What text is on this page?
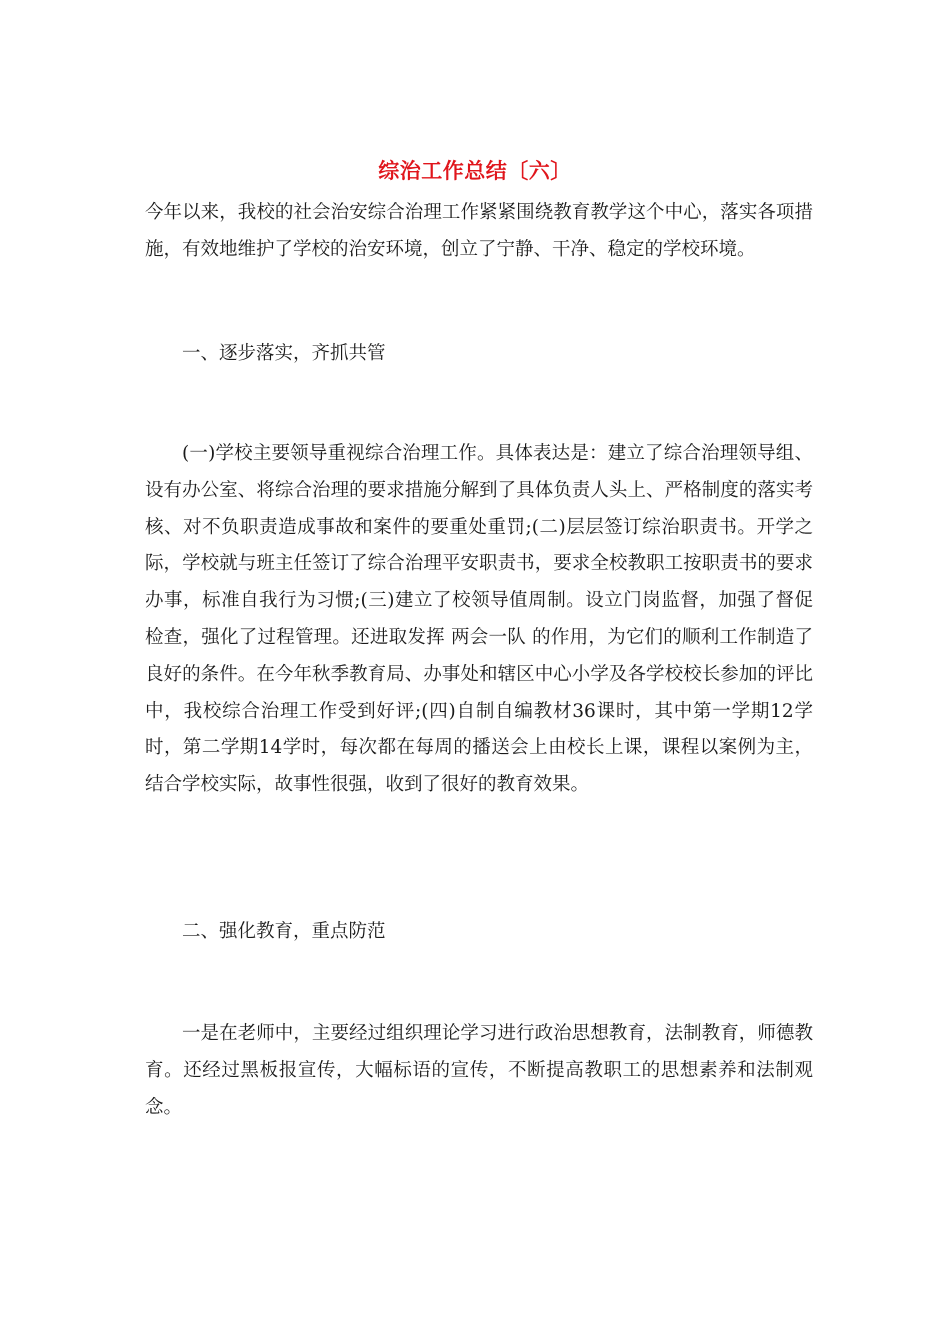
综治工作总结〔六〕

今年以来，我校的社会治安综合治理工作紧紧围绕教育教学这个中心，落实各项措施，有效地维护了学校的治安环境，创立了宁静、干净、稳定的学校环境。

一、逐步落实，齐抓共管

(一)学校主要领导重视综合治理工作。具体表达是：建立了综合治理领导组、设有办公室、将综合治理的要求措施分解到了具体负责人头上、严格制度的落实考核、对不负职责造成事故和案件的要重处重罚;(二)层层签订综治职责书。开学之际，学校就与班主任签订了综合治理平安职责书，要求全校教职工按职责书的要求办事，标准自我行为习惯;(三)建立了校领导值周制。设立门岗监督，加强了督促检查，强化了过程管理。还进取发挥 两会一队 的作用，为它们的顺利工作制造了良好的条件。在今年秋季教育局、办事处和辖区中心小学及各学校校长参加的评比中，我校综合治理工作受到好评;(四)自制自编教材36课时，其中第一学期12学时，第二学期14学时，每次都在每周的播送会上由校长上课，课程以案例为主，结合学校实际，故事性很强，收到了很好的教育效果。

二、强化教育，重点防范

一是在老师中，主要经过组织理论学习进行政治思想教育，法制教育，师德教育。还经过黑板报宣传，大幅标语的宣传，不断提高教职工的思想素养和法制观念。
